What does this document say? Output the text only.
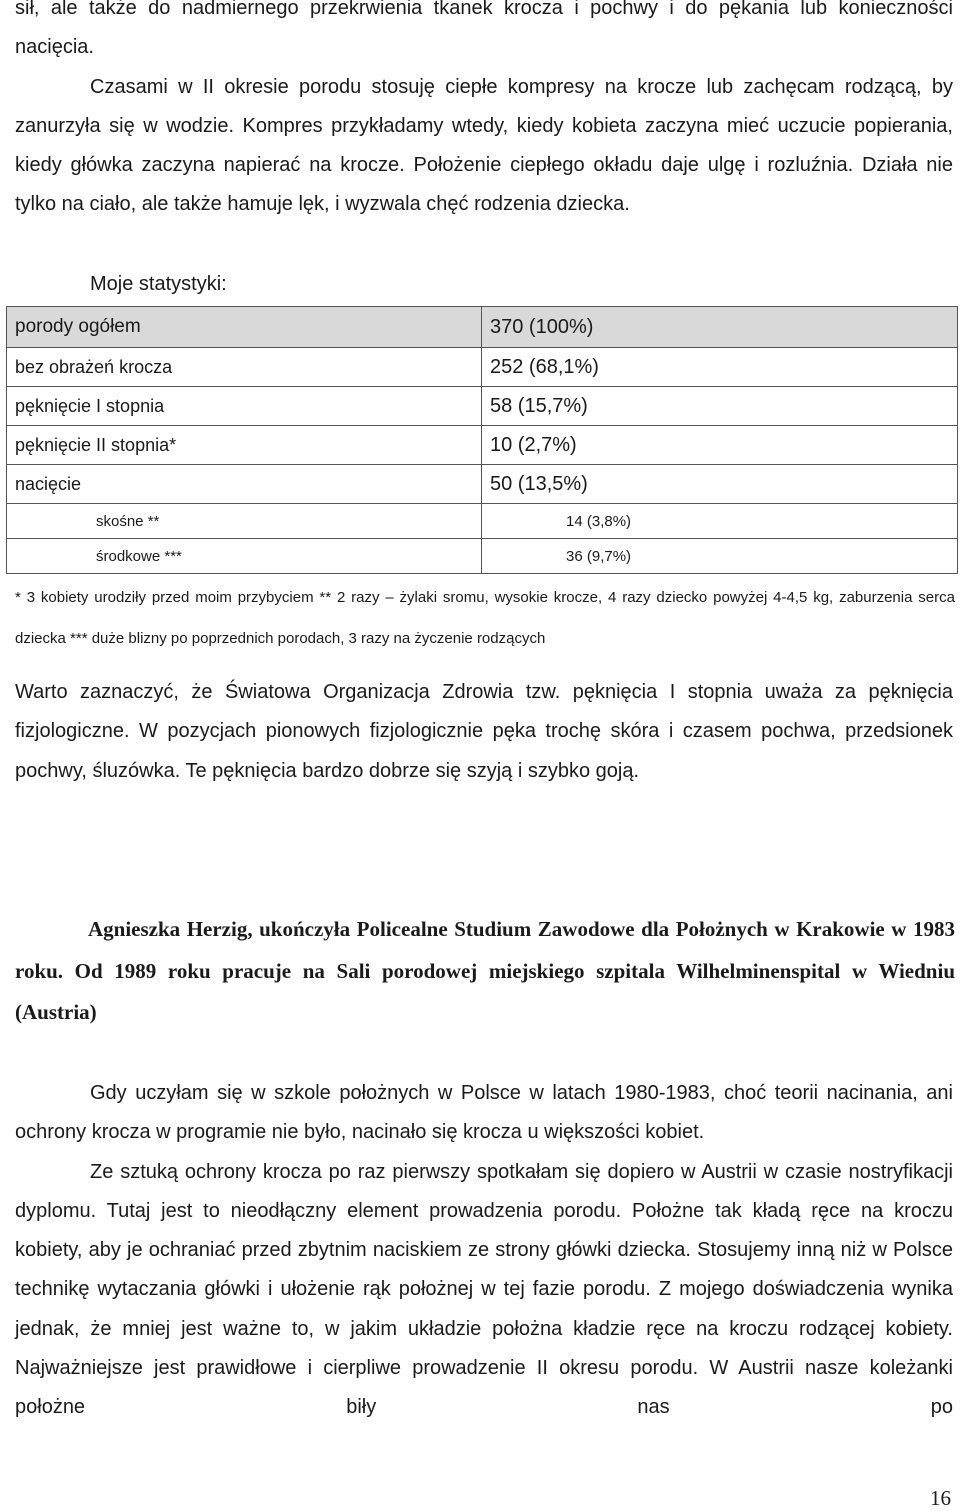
sił, ale także do nadmiernego przekrwienia tkanek krocza i pochwy i do pękania lub konieczności nacięcia.

Czasami w II okresie porodu stosuję ciepłe kompresy na krocze lub zachęcam rodzącą, by zanurzyła się w wodzie. Kompres przykładamy wtedy, kiedy kobieta zaczyna mieć uczucie popierania, kiedy główka zaczyna napierać na krocze. Położenie ciepłego okładu daje ulgę i rozluźnia. Działa nie tylko na ciało, ale także hamuje lęk, i wyzwala chęć rodzenia dziecka.

Moje statystyki:
porody ogółem	370 (100%)
bez obrażeń krocza	252 (68,1%)
pęknięcie I stopnia	58 (15,7%)
pęknięcie II stopnia*	10 (2,7%)
nacięcie	50 (13,5%)
skośne **	14 (3,8%)
środkowe ***	36 (9,7%)
* 3 kobiety urodziły przed moim przybyciem ** 2 razy – żylaki sromu, wysokie krocze, 4 razy dziecko powyżej 4-4,5 kg, zaburzenia serca dziecka *** duże blizny po poprzednich porodach, 3 razy na życzenie rodzących

Warto zaznaczyć, że Światowa Organizacja Zdrowia tzw. pęknięcia I stopnia uważa za pęknięcia fizjologiczne. W pozycjach pionowych fizjologicznie pęka trochę skóra i czasem pochwa, przedsionek pochwy, śluzówka. Te pęknięcia bardzo dobrze się szyją i szybko goją.

Agnieszka Herzig, ukończyła Policealne Studium Zawodowe dla Położnych w Krakowie w 1983 roku. Od 1989 roku pracuje na Sali porodowej miejskiego szpitala Wilhelminenspital w Wiedniu (Austria)

Gdy uczyłam się w szkole położnych w Polsce w latach 1980-1983, choć teorii nacinania, ani ochrony krocza w programie nie było, nacinało się krocza u większości kobiet.

Ze sztuką ochrony krocza po raz pierwszy spotkałam się dopiero w Austrii w czasie nostryfikacji dyplomu. Tutaj jest to nieodłączny element prowadzenia porodu. Położne tak kładą ręce na kroczu kobiety, aby je ochraniać przed zbytnim naciskiem ze strony główki dziecka. Stosujemy inną niż w Polsce technikę wytaczania główki i ułożenie rąk położnej w tej fazie porodu. Z mojego doświadczenia wynika jednak, że mniej jest ważne to, w jakim układzie położna kładzie ręce na kroczu rodzącej kobiety. Najważniejsze jest prawidłowe i cierpliwe prowadzenie II okresu porodu. W Austrii nasze koleżanki położne biły nas po

16
